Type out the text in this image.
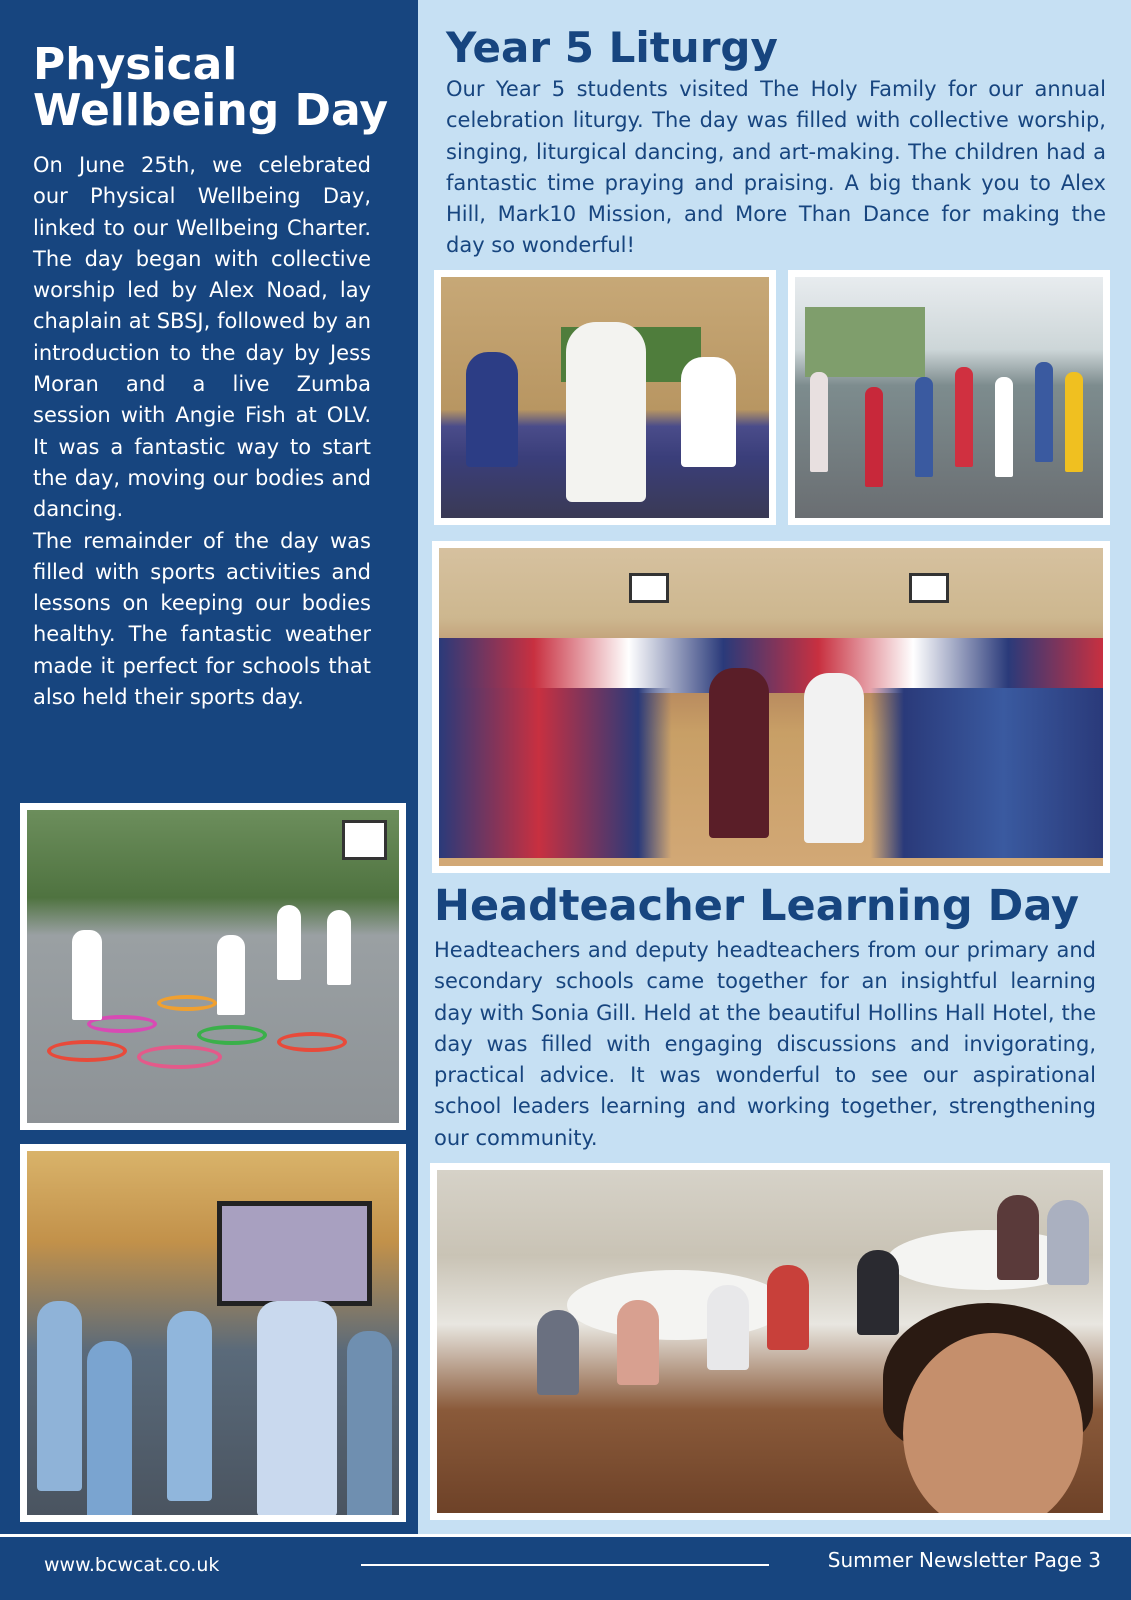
Physical Wellbeing Day

On June 25th, we celebrated our Physical Wellbeing Day, linked to our Wellbeing Charter. The day began with collective worship led by Alex Noad, lay chaplain at SBSJ, followed by an introduction to the day by Jess Moran and a live Zumba session with Angie Fish at OLV. It was a fantastic way to start the day, moving our bodies and dancing.

The remainder of the day was filled with sports activities and lessons on keeping our bodies healthy. The fantastic weather made it perfect for schools that also held their sports day.

Year 5 Liturgy

Our Year 5 students visited The Holy Family for our annual celebration liturgy. The day was filled with collective worship, singing, liturgical dancing, and art-making. The children had a fantastic time praying and praising. A big thank you to Alex Hill, Mark10 Mission, and More Than Dance for making the day so wonderful!

Headteacher Learning Day

Headteachers and deputy headteachers from our primary and secondary schools came together for an insightful learning day with Sonia Gill. Held at the beautiful Hollins Hall Hotel, the day was filled with engaging discussions and invigorating, practical advice. It was wonderful to see our aspirational school leaders learning and working together, strengthening our community.

www.bcwcat.co.uk	Summer Newsletter Page 3
